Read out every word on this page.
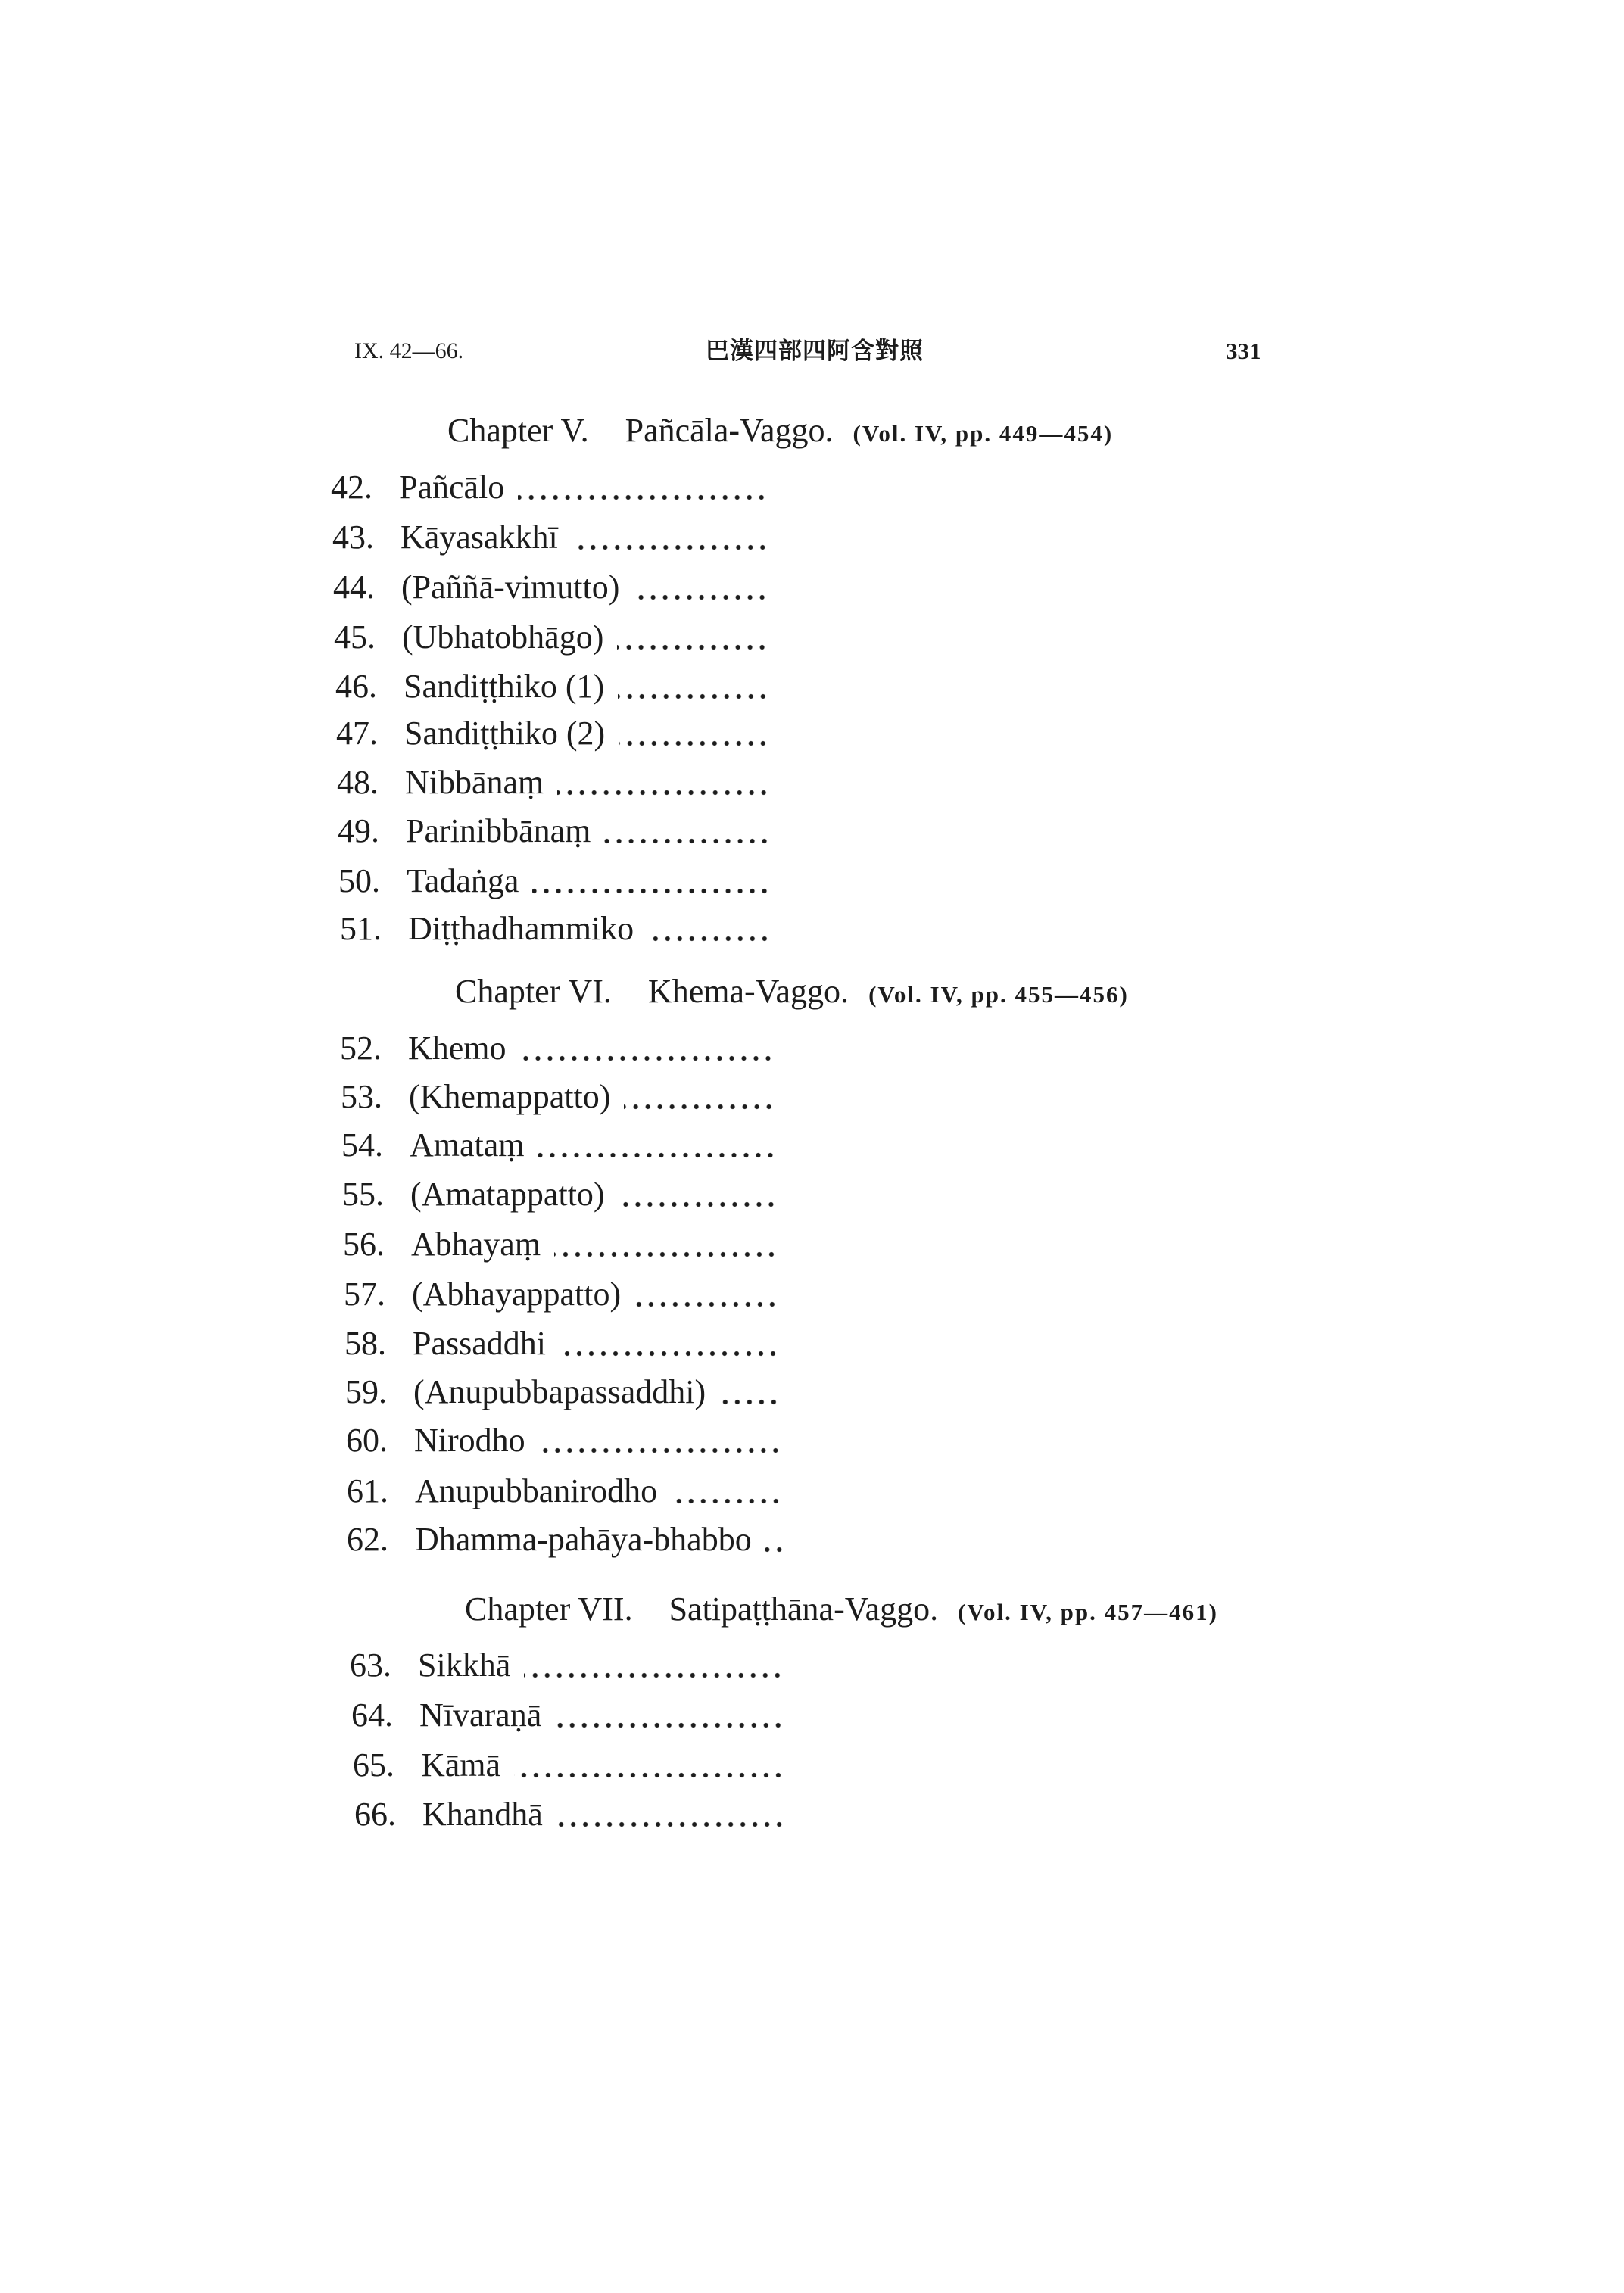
IX. 42—66.	巴漢四部四阿含對照	331
Chapter V. Pañcāla-Vaggo. (Vol. IV, pp. 449—454)
42. Pañcālo
43. Kāyasakkhī
44. (Paññā-vimutto)
45. (Ubhatobhāgo)
46. Sandiṭṭhiko (1)
47. Sandiṭṭhiko (2)
48. Nibbānaṃ
49. Parinibbānaṃ
50. Tadaṅga
51. Diṭṭhadhammiko
Chapter VI. Khema-Vaggo. (Vol. IV, pp. 455—456)
52. Khemo
53. (Khemappatto)
54. Amataṃ
55. (Amatappatto)
56. Abhayaṃ
57. (Abhayappatto)
58. Passaddhi
59. (Anupubbapassaddhi)
60. Nirodho
61. Anupubbanirodho
62. Dhamma-pahāya-bhabbo
Chapter VII. Satipaṭṭhāna-Vaggo. (Vol. IV, pp. 457—461)
63. Sikkhā
64. Nīvaraṇā
65. Kāmā
66. Khandhā
